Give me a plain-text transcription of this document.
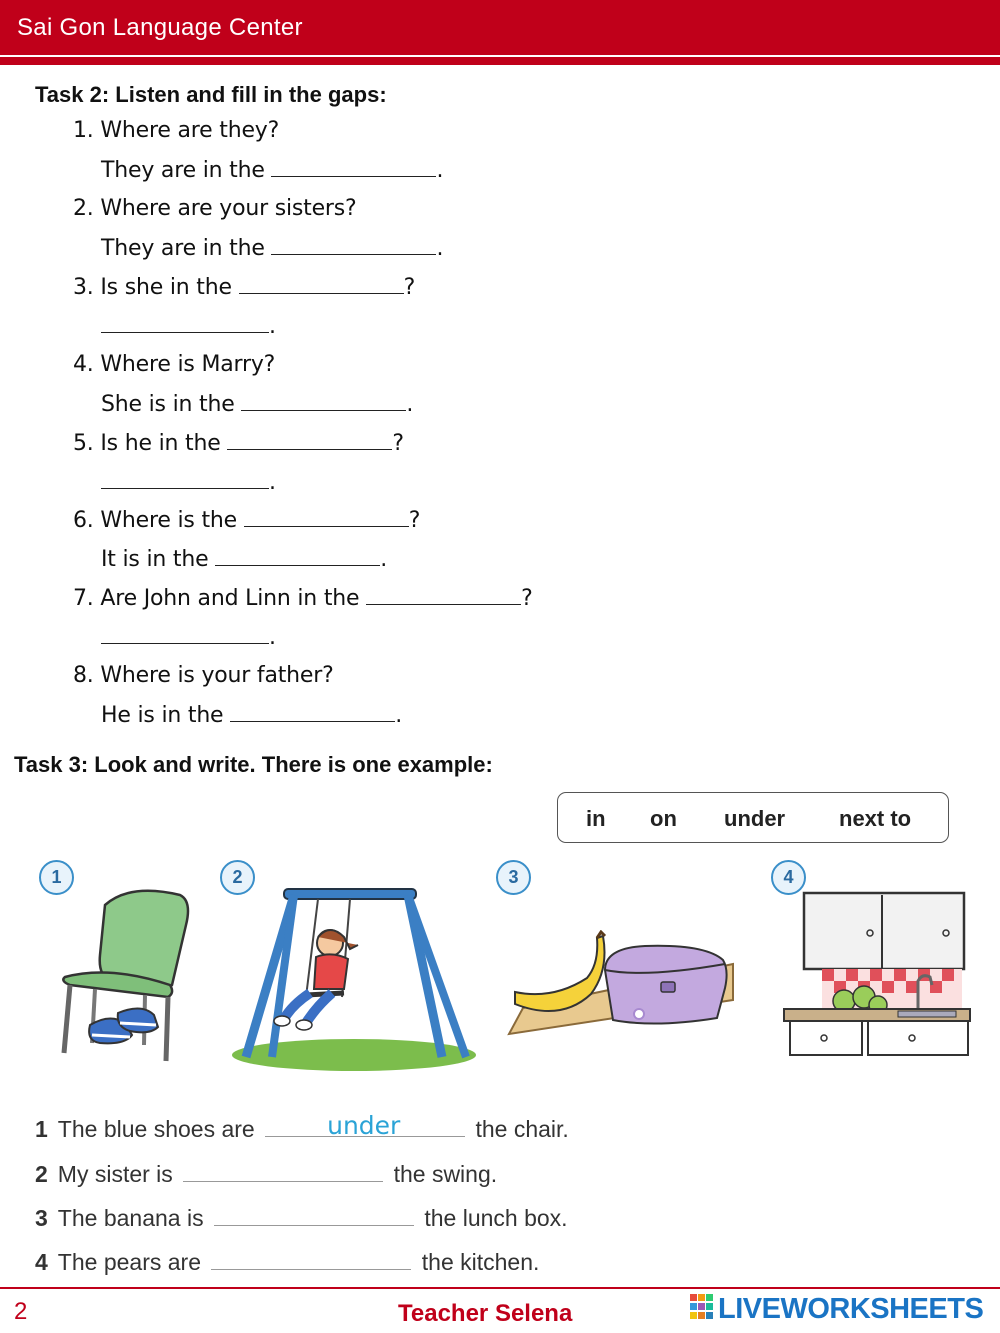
Sai Gon Language Center
Task 2: Listen and fill in the gaps:
1. Where are they?
They are in the	.
2. Where are your sisters?
They are in the	.
3. Is she in the	?
.
4. Where is Marry?
She is in the	.
5. Is he in the	?
.
6. Where is the	?
It is in the	.
7. Are John and Linn in the	?
.
8. Where is your father?
He is in the	.
Task 3: Look and write. There is one example:
in on under next to
1	2	3	4
1 The blue shoes are	under	the chair.
2 My sister is	the swing.
3 The banana is	the lunch box.
4 The pears are	the kitchen.
2	Teacher Selena	LIVEWORKSHEETS
